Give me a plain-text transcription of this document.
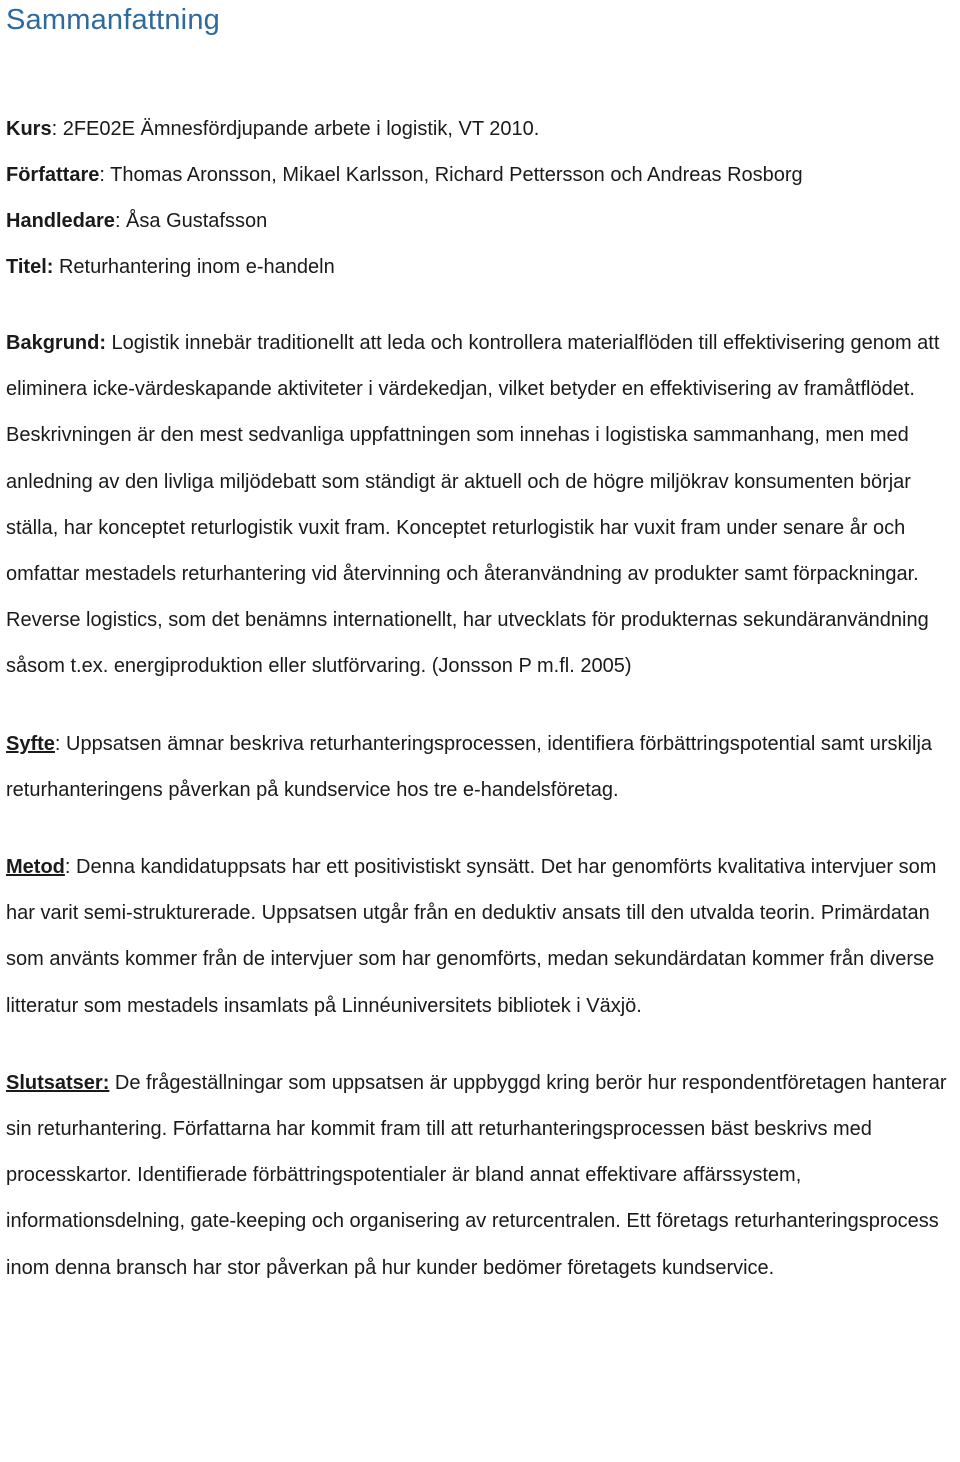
Sammanfattning
Kurs: 2FE02E Ämnesfördjupande arbete i logistik, VT 2010.
Författare: Thomas Aronsson, Mikael Karlsson, Richard Pettersson och Andreas Rosborg
Handledare: Åsa Gustafsson
Titel: Returhantering inom e-handeln

Bakgrund: Logistik innebär traditionellt att leda och kontrollera materialflöden till effektivisering genom att eliminera icke-värdeskapande aktiviteter i värdekedjan, vilket betyder en effektivisering av framåtflödet. Beskrivningen är den mest sedvanliga uppfattningen som innehas i logistiska sammanhang, men med anledning av den livliga miljödebatt som ständigt är aktuell och de högre miljökrav konsumenten börjar ställa, har konceptet returlogistik vuxit fram. Konceptet returlogistik har vuxit fram under senare år och omfattar mestadels returhantering vid återvinning och återanvändning av produkter samt förpackningar. Reverse logistics, som det benämns internationellt, har utvecklats för produkternas sekundäranvändning såsom t.ex. energiproduktion eller slutförvaring. (Jonsson P m.fl. 2005)

Syfte: Uppsatsen ämnar beskriva returhanteringsprocessen, identifiera förbättringspotential samt urskilja returhanteringens påverkan på kundservice hos tre e-handelsföretag.

Metod: Denna kandidatuppsats har ett positivistiskt synsätt. Det har genomförts kvalitativa intervjuer som har varit semi-strukturerade. Uppsatsen utgår från en deduktiv ansats till den utvalda teorin. Primärdatan som använts kommer från de intervjuer som har genomförts, medan sekundärdatan kommer från diverse litteratur som mestadels insamlats på Linnéuniversitets bibliotek i Växjö.

Slutsatser: De frågeställningar som uppsatsen är uppbyggd kring berör hur respondentföretagen hanterar sin returhantering. Författarna har kommit fram till att returhanteringsprocessen bäst beskrivs med processkartor. Identifierade förbättringspotentialer är bland annat effektivare affärssystem, informationsdelning, gate-keeping och organisering av returcentralen. Ett företags returhanteringsprocess inom denna bransch har stor påverkan på hur kunder bedömer företagets kundservice.
